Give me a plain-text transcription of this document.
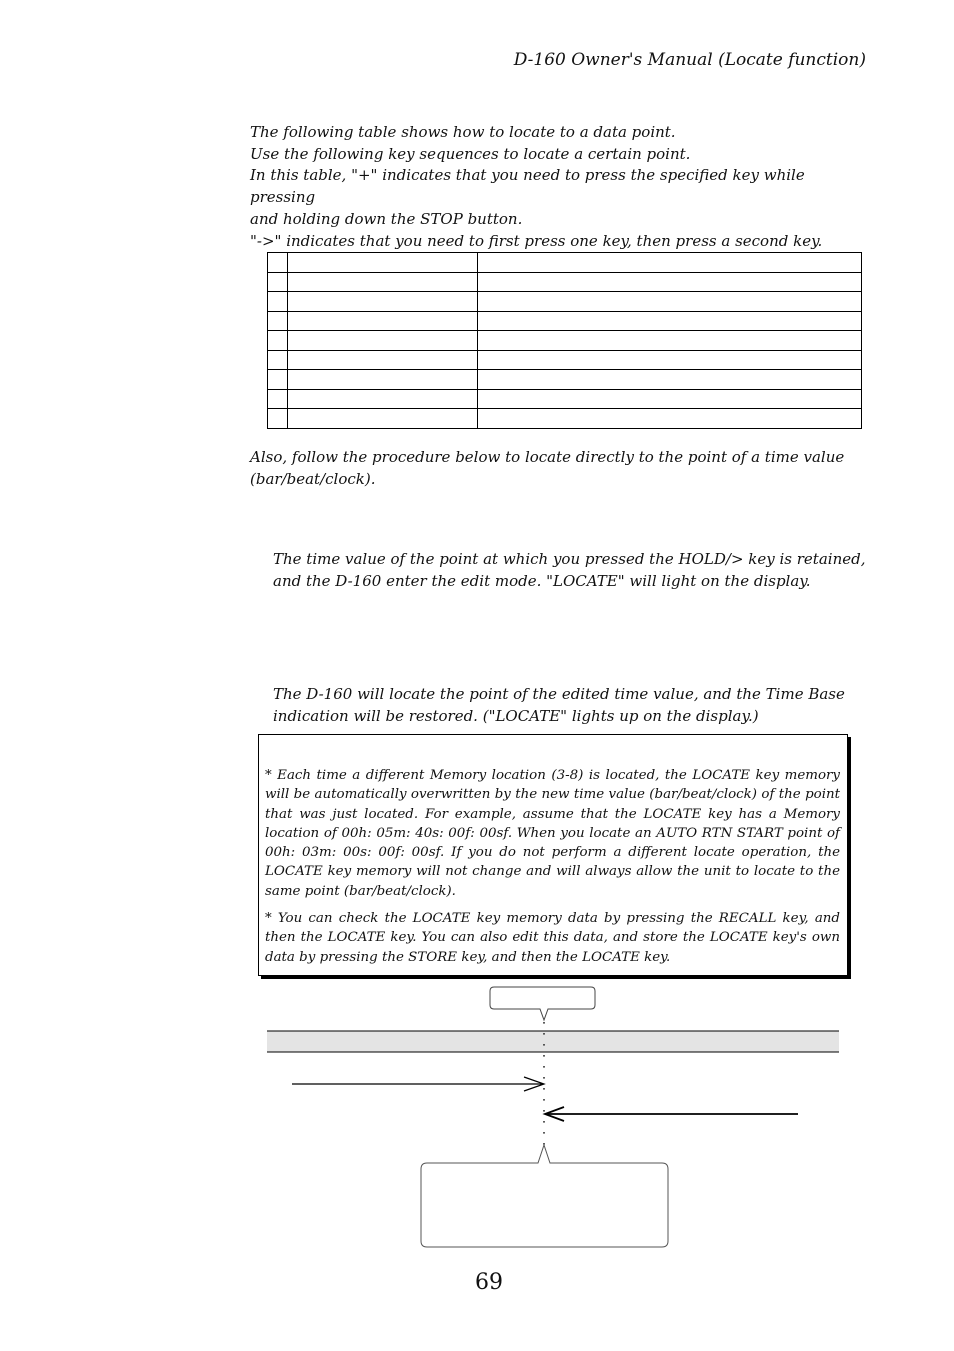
D-160 Owner's Manual (Locate function)
The following table shows how to locate to a data point.
Use the following key sequences to locate a certain point.
In this table, "+" indicates that you need to press the specified key while pressing
and holding down the STOP button.
"->" indicates that you need to first press one key, then press a second key.

Also, follow the procedure below to locate directly to the point of a time value
(bar/beat/clock).
The time value of the point at which you pressed the HOLD/> key is retained,
and the D-160 enter the edit mode. "LOCATE" will light on the display.
The D-160 will locate the point of the edited time value, and the Time Base
indication will be restored. ("LOCATE" lights up on the display.)

* Each time a different Memory location (3-8) is located, the LOCATE key memory will be automatically overwritten by the new time value (bar/beat/clock) of the point that was just located. For example, assume that the LOCATE key has a Memory location of 00h: 05m: 40s: 00f: 00sf. When you locate an AUTO RTN START point of 00h: 03m: 00s: 00f: 00sf. If you do not perform a different locate operation, the LOCATE key memory will not change and will always allow the unit to locate to the same point (bar/beat/clock).

* You can check the LOCATE key memory data by pressing the RECALL key, and then the LOCATE key. You can also edit this data, and store the LOCATE key's own data by pressing the STORE key, and then the LOCATE key.

69
